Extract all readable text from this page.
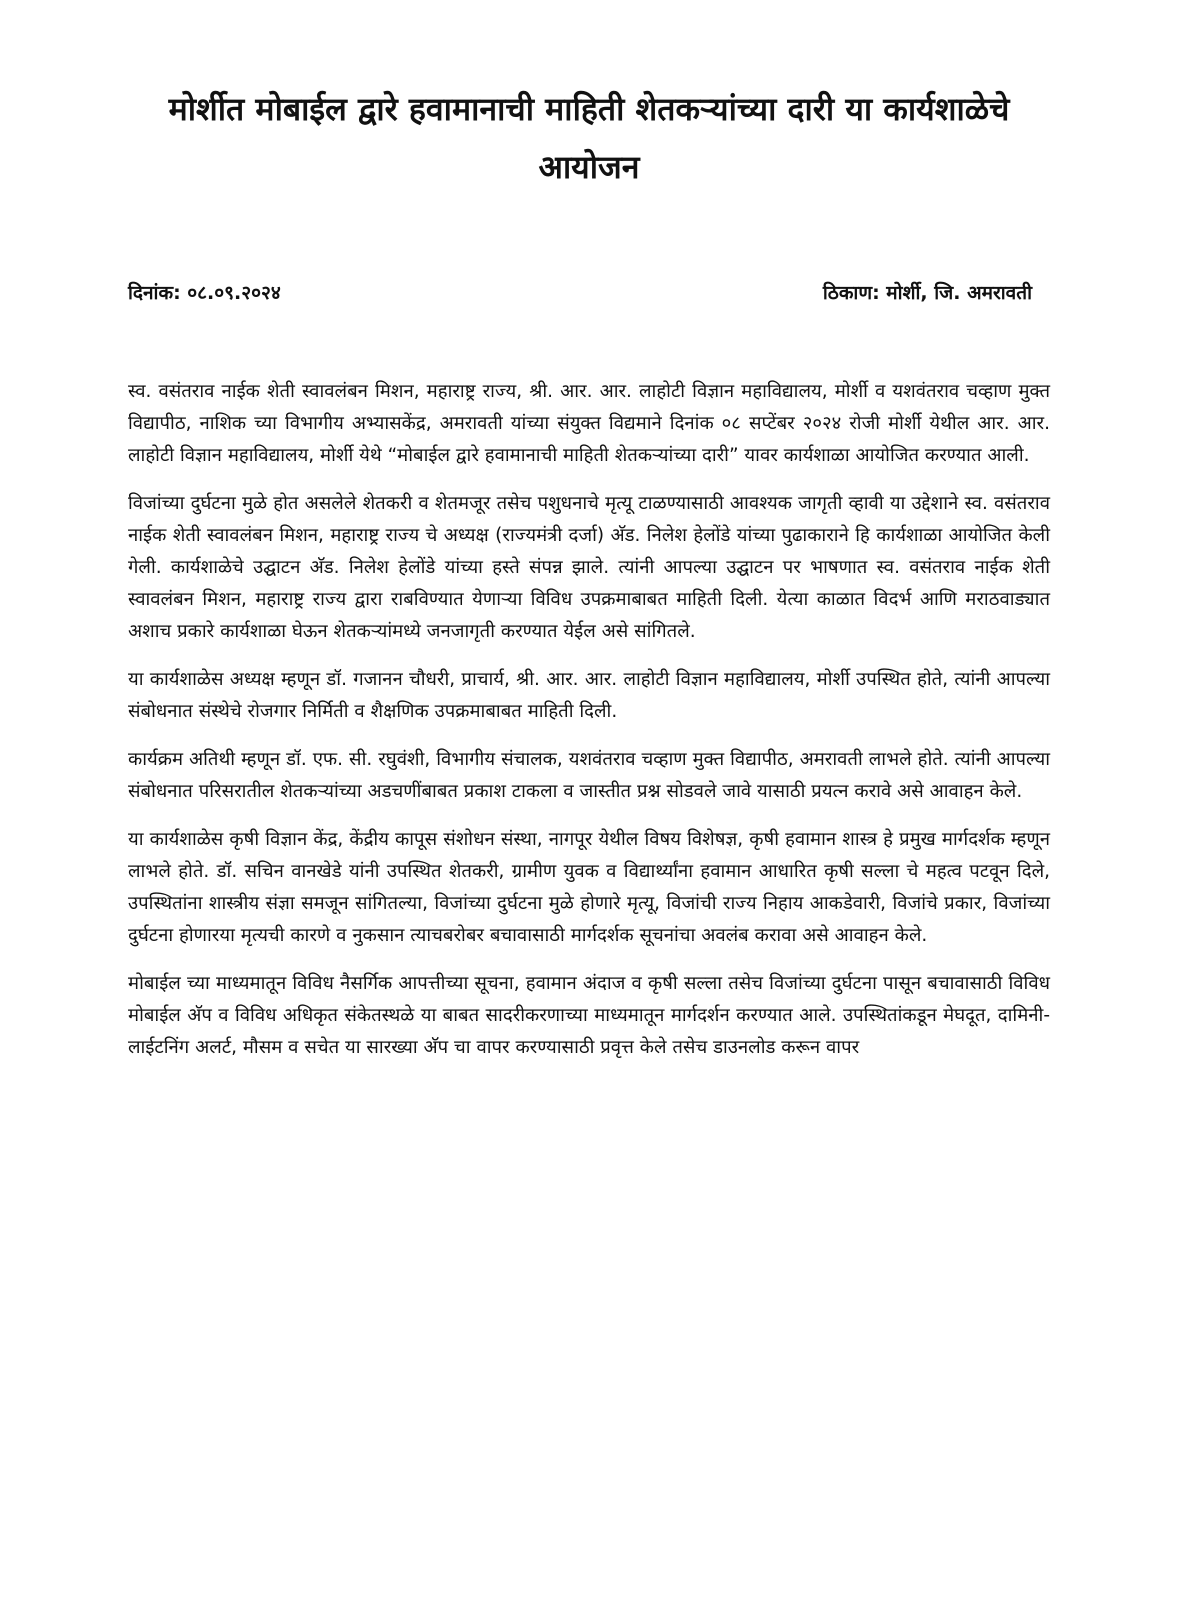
मोर्शीत मोबाईल द्वारे हवामानाची माहिती शेतकऱ्यांच्या दारी या कार्यशाळेचे आयोजन
दिनांक: ०८.०९.२०२४	ठिकाण: मोर्शी, जि. अमरावती

स्व. वसंतराव नाईक शेती स्वावलंबन मिशन, महाराष्ट्र राज्य, श्री. आर. आर. लाहोटी विज्ञान महाविद्यालय, मोर्शी व यशवंतराव चव्हाण मुक्त विद्यापीठ, नाशिक च्या विभागीय अभ्यासकेंद्र, अमरावती यांच्या संयुक्त विद्यमाने दिनांक ०८ सप्टेंबर २०२४ रोजी मोर्शी येथील आर. आर. लाहोटी विज्ञान महाविद्यालय, मोर्शी येथे “मोबाईल द्वारे हवामानाची माहिती शेतकऱ्यांच्या दारी” यावर कार्यशाळा आयोजित करण्यात आली.

विजांच्या दुर्घटना मुळे होत असलेले शेतकरी व शेतमजूर तसेच पशुधनाचे मृत्यू टाळण्यासाठी आवश्यक जागृती व्हावी या उद्देशाने स्व. वसंतराव नाईक शेती स्वावलंबन मिशन, महाराष्ट्र राज्य चे अध्यक्ष (राज्यमंत्री दर्जा) अ‍ॅड. निलेश हेलोंडे यांच्या पुढाकाराने हि कार्यशाळा आयोजित केली गेली. कार्यशाळेचे उद्घाटन अ‍ॅड. निलेश हेलोंडे यांच्या हस्ते संपन्न झाले. त्यांनी आपल्या उद्घाटन पर भाषणात स्व. वसंतराव नाईक शेती स्वावलंबन मिशन, महाराष्ट्र राज्य द्वारा राबविण्यात येणाऱ्या विविध उपक्रमाबाबत माहिती दिली. येत्या काळात विदर्भ आणि मराठवाड्यात अशाच प्रकारे कार्यशाळा घेऊन शेतकऱ्यांमध्ये जनजागृती करण्यात येईल असे सांगितले.

या कार्यशाळेस अध्यक्ष म्हणून डॉ. गजानन चौधरी, प्राचार्य, श्री. आर. आर. लाहोटी विज्ञान महाविद्यालय, मोर्शी उपस्थित होते, त्यांनी आपल्या संबोधनात संस्थेचे रोजगार निर्मिती व शैक्षणिक उपक्रमाबाबत माहिती दिली.

कार्यक्रम अतिथी म्हणून डॉ. एफ. सी. रघुवंशी, विभागीय संचालक, यशवंतराव चव्हाण मुक्त विद्यापीठ, अमरावती लाभले होते. त्यांनी आपल्या संबोधनात परिसरातील शेतकऱ्यांच्या अडचणींबाबत प्रकाश टाकला व जास्तीत प्रश्न सोडवले जावे यासाठी प्रयत्न करावे असे आवाहन केले.

या कार्यशाळेस कृषी विज्ञान केंद्र, केंद्रीय कापूस संशोधन संस्था, नागपूर येथील विषय विशेषज्ञ, कृषी हवामान शास्त्र हे प्रमुख मार्गदर्शक म्हणून लाभले होते. डॉ. सचिन वानखेडे यांनी उपस्थित शेतकरी, ग्रामीण युवक व विद्यार्थ्यांना हवामान आधारित कृषी सल्ला चे महत्व पटवून दिले, उपस्थितांना शास्त्रीय संज्ञा समजून सांगितल्या, विजांच्या दुर्घटना मुळे होणारे मृत्यू, विजांची राज्य निहाय आकडेवारी, विजांचे प्रकार, विजांच्या दुर्घटना होणारया मृत्यची कारणे व नुकसान त्याचबरोबर बचावासाठी मार्गदर्शक सूचनांचा अवलंब करावा असे आवाहन केले.

मोबाईल च्या माध्यमातून विविध नैसर्गिक आपत्तीच्या सूचना, हवामान अंदाज व कृषी सल्ला तसेच विजांच्या दुर्घटना पासून बचावासाठी विविध मोबाईल अ‍ॅप व विविध अधिकृत संकेतस्थळे या बाबत सादरीकरणाच्या माध्यमातून मार्गदर्शन करण्यात आले. उपस्थितांकडून मेघदूत, दामिनी- लाईटनिंग अलर्ट, मौसम व सचेत या सारख्या अ‍ॅप चा वापर करण्यासाठी प्रवृत्त केले तसेच डाउनलोड करून वापर
